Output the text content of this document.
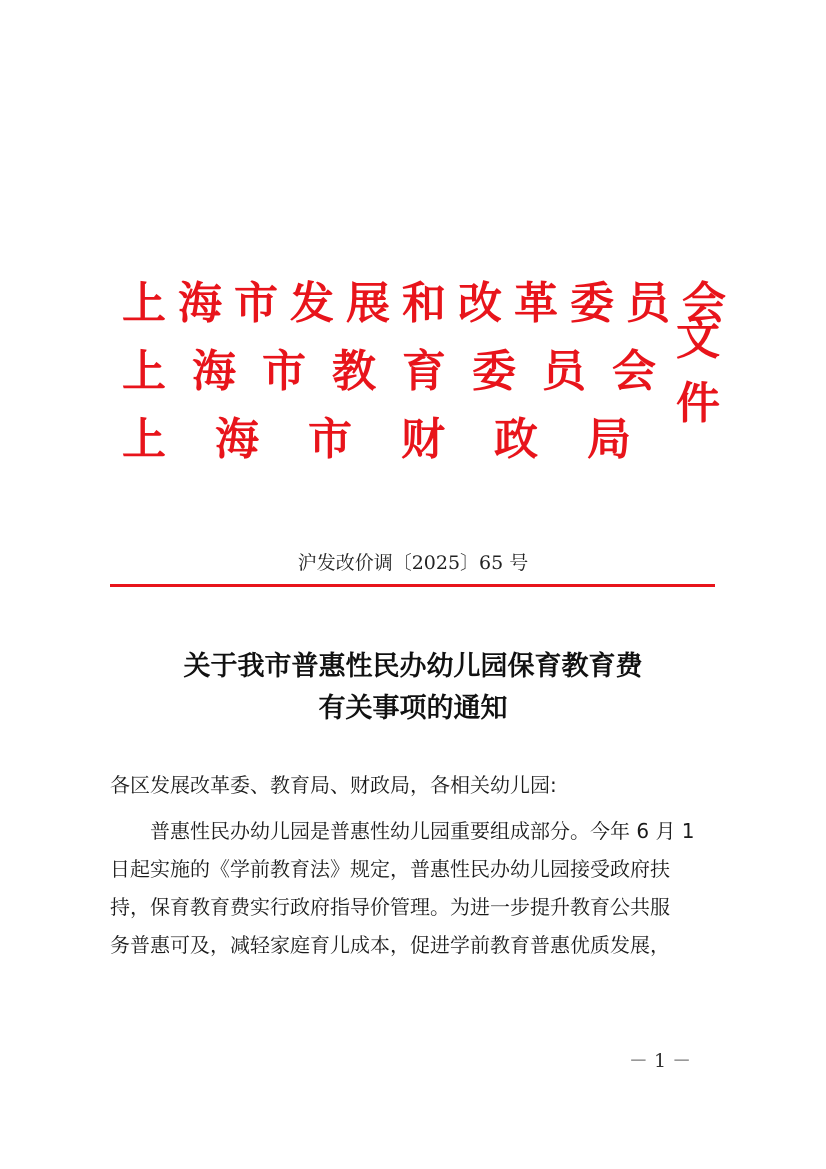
上 海 市 发 展 和 改 革 委 员 会
上 海 市 教 育 委 员 会
文件
上 海 市 财 政 局
沪发改价调〔2025〕65 号
关于我市普惠性民办幼儿园保育教育费
有关事项的通知
各区发展改革委、教育局、财政局，各相关幼儿园:
普惠性民办幼儿园是普惠性幼儿园重要组成部分。今年 6 月 1
日起实施的《学前教育法》规定，普惠性民办幼儿园接受政府扶
持，保育教育费实行政府指导价管理。为进一步提升教育公共服
务普惠可及，减轻家庭育儿成本，促进学前教育普惠优质发展，
－ 1 －
